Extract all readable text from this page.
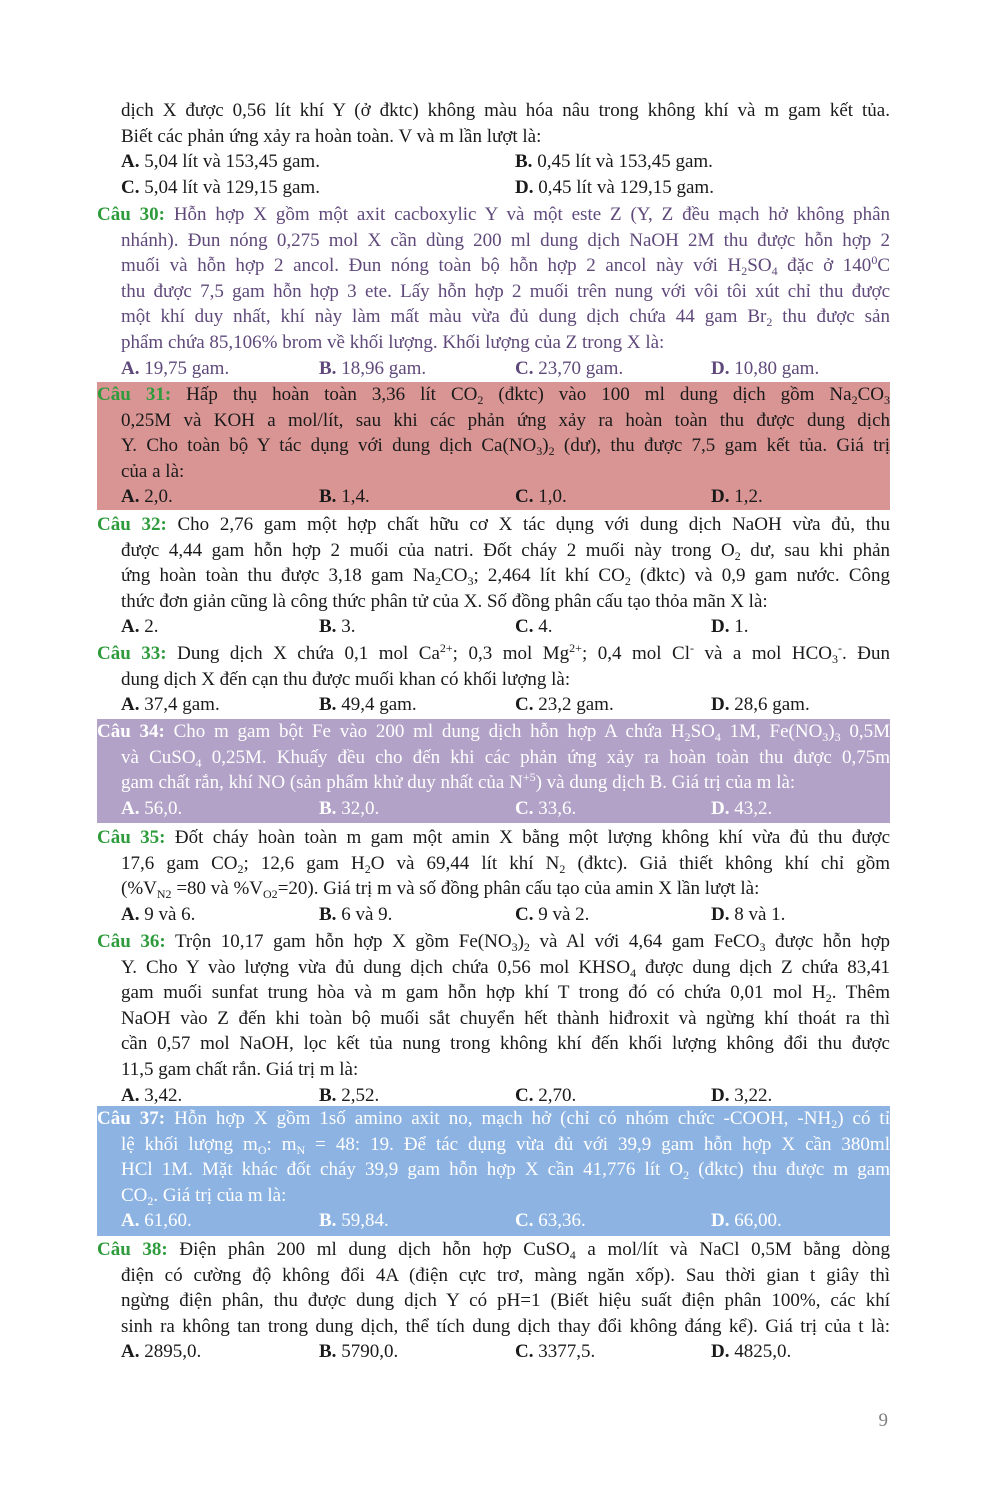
dịch X được 0,56 lít khí Y (ở đktc) không màu hóa nâu trong không khí và m gam kết tủa.
Biết các phản ứng xảy ra hoàn toàn. V và m lần lượt là:
A. 5,04 lít và 153,45 gam.	B. 0,45 lít và 153,45 gam.
C. 5,04 lít và 129,15 gam.	D. 0,45 lít và 129,15 gam.
Câu 30: Hỗn hợp X gồm một axit cacboxylic Y và một este Z (Y, Z đều mạch hở không phân
nhánh). Đun nóng 0,275 mol X cần dùng 200 ml dung dịch NaOH 2M thu được hỗn hợp 2
muối và hỗn hợp 2 ancol. Đun nóng toàn bộ hỗn hợp 2 ancol này với $H_2SO_4$ đặc ở $140^0C$
thu được 7,5 gam hỗn hợp 3 ete. Lấy hỗn hợp 2 muối trên nung với vôi tôi xút chỉ thu được
một khí duy nhất, khí này làm mất màu vừa đủ dung dịch chứa 44 gam $Br_2$ thu được sản
phẩm chứa 85,106% brom về khối lượng. Khối lượng của Z trong X là:
A. 19,75 gam.	B. 18,96 gam.	C. 23,70 gam.	D. 10,80 gam.
Câu 31: Hấp thụ hoàn toàn 3,36 lít $CO_2$ (đktc) vào 100 ml dung dịch gồm $Na_2CO_3$
0,25M và KOH a mol/lít, sau khi các phản ứng xảy ra hoàn toàn thu được dung dịch
Y. Cho toàn bộ Y tác dụng với dung dịch $Ca(NO_3)_2$ (dư), thu được 7,5 gam kết tủa. Giá trị
của a là:
A. 2,0.	B. 1,4.	C. 1,0.	D. 1,2.
Câu 32: Cho 2,76 gam một hợp chất hữu cơ X tác dụng với dung dịch NaOH vừa đủ, thu
được 4,44 gam hỗn hợp 2 muối của natri. Đốt cháy 2 muối này trong $O_2$ dư, sau khi phản
ứng hoàn toàn thu được 3,18 gam $Na_2CO_3$; 2,464 lít khí $CO_2$ (đktc) và 0,9 gam nước. Công
thức đơn giản cũng là công thức phân tử của X. Số đồng phân cấu tạo thỏa mãn X là:
A. 2.	B. 3.	C. 4.	D. 1.
Câu 33: Dung dịch X chứa 0,1 mol $Ca^{2+}$; 0,3 mol $Mg^{2+}$; 0,4 mol Cl- và a mol $HCO_3^-$. Đun
dung dịch X đến cạn thu được muối khan có khối lượng là:
A. 37,4 gam.	B. 49,4 gam.	C. 23,2 gam.	D. 28,6 gam.
Câu 34: Cho m gam bột Fe vào 200 ml dung dịch hỗn hợp A chứa $H_2SO_4$ 1M, $Fe(NO_3)_3$ 0,5M
và CuSO$_4$ 0,25M. Khuấy đều cho đến khi các phản ứng xảy ra hoàn toàn thu được 0,75m
gam chất rắn, khí NO (sản phẩm khử duy nhất của $N^{+5}$) và dung dịch B. Giá trị của m là:
A. 56,0.	B. 32,0.	C. 33,6.	D. 43,2.
Câu 35: Đốt cháy hoàn toàn m gam một amin X bằng một lượng không khí vừa đủ thu được
17,6 gam $CO_2$; 12,6 gam $H_2O$ và 69,44 lít khí $N_2$ (đktc). Giả thiết không khí chỉ gồm
($\%V_{N2} =80$ và $\%V_{O2}=20$). Giá trị m và số đồng phân cấu tạo của amin X lần lượt là:
A. 9 và 6.	B. 6 và 9.	C. 9 và 2.	D. 8 và 1.
Câu 36: Trộn 10,17 gam hỗn hợp X gồm $Fe(NO_3)_2$ và Al với 4,64 gam FeCO$_3$ được hỗn hợp
Y. Cho Y vào lượng vừa đủ dung dịch chứa 0,56 mol $KHSO_4$ được dung dịch Z chứa 83,41
gam muối sunfat trung hòa và m gam hỗn hợp khí T trong đó có chứa 0,01 mol $H_2$. Thêm
NaOH vào Z đến khi toàn bộ muối sắt chuyển hết thành hiđroxit và ngừng khí thoát ra thì
cần 0,57 mol NaOH, lọc kết tủa nung trong không khí đến khối lượng không đổi thu được
11,5 gam chất rắn. Giá trị m là:
A. 3,42.	B. 2,52.	C. 2,70.	D. 3,22.
Câu 37: Hỗn hợp X gồm 1số amino axit no, mạch hở (chỉ có nhóm chức -COOH, $-NH_2$) có tỉ
lệ khối lượng $m_O$: $m_N = 48$: 19. Để tác dụng vừa đủ với 39,9 gam hỗn hợp X cần 380ml
HCl 1M. Mặt khác đốt cháy 39,9 gam hỗn hợp X cần 41,776 lít $O_2$ (đktc) thu được m gam
$CO_2$. Giá trị của m là:
A. 61,60.	B. 59,84.	C. 63,36.	D. 66,00.
Câu 38: Điện phân 200 ml dung dịch hỗn hợp CuSO$_4$ a mol/lít và NaCl 0,5M bằng dòng
điện có cường độ không đổi 4A (điện cực trơ, màng ngăn xốp). Sau thời gian t giây thì
ngừng điện phân, thu được dung dịch Y có pH=1 (Biết hiệu suất điện phân 100%, các khí
sinh ra không tan trong dung dịch, thể tích dung dịch thay đổi không đáng kể). Giá trị của t là:
A. 2895,0.	B. 5790,0.	C. 3377,5.	D. 4825,0.
9
